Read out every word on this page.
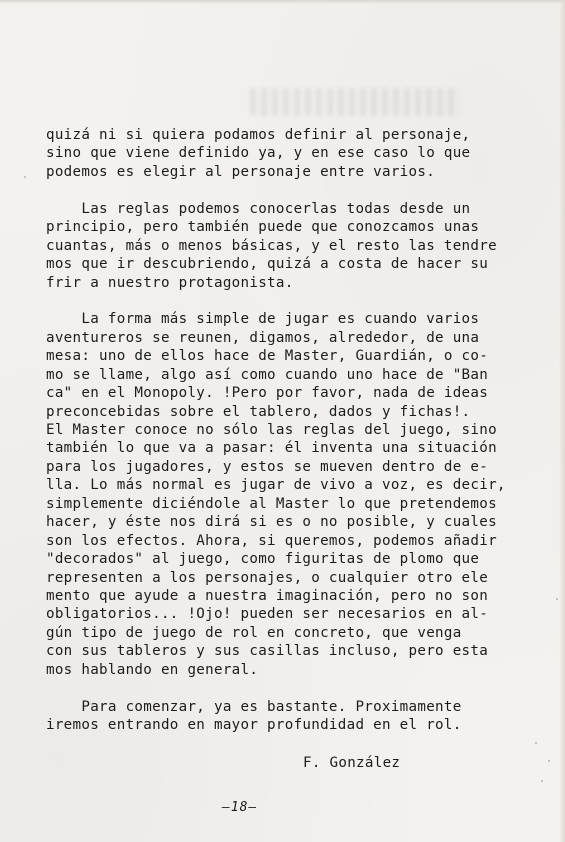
quizá ni si quiera podamos definir al personaje,
sino que viene definido ya, y en ese caso lo que
podemos es elegir al personaje entre varios.
Las reglas podemos conocerlas todas desde un
principio, pero también puede que conozcamos unas
cuantas, más o menos básicas, y el resto las tendre
mos que ir descubriendo, quizá a costa de hacer su
frir a nuestro protagonista.
La forma más simple de jugar es cuando varios
aventureros se reunen, digamos, alrededor, de una
mesa: uno de ellos hace de Master, Guardián, o co-
mo se llame, algo así como cuando uno hace de "Ban
ca" en el Monopoly. !Pero por favor, nada de ideas
preconcebidas sobre el tablero, dados y fichas!.
El Master conoce no sólo las reglas del juego, sino
también lo que va a pasar: él inventa una situación
para los jugadores, y estos se mueven dentro de e-
lla. Lo más normal es jugar de vivo a voz, es decir,
simplemente diciéndole al Master lo que pretendemos
hacer, y éste nos dirá si es o no posible, y cuales
son los efectos. Ahora, si queremos, podemos añadir
"decorados" al juego, como figuritas de plomo que
representen a los personajes, o cualquier otro ele
mento que ayude a nuestra imaginación, pero no son
obligatorios... !Ojo! pueden ser necesarios en al-
gún tipo de juego de rol en concreto, que venga
con sus tableros y sus casillas incluso, pero esta
mos hablando en general.
Para comenzar, ya es bastante. Proximamente
iremos entrando en mayor profundidad en el rol.
F. González
—18—
